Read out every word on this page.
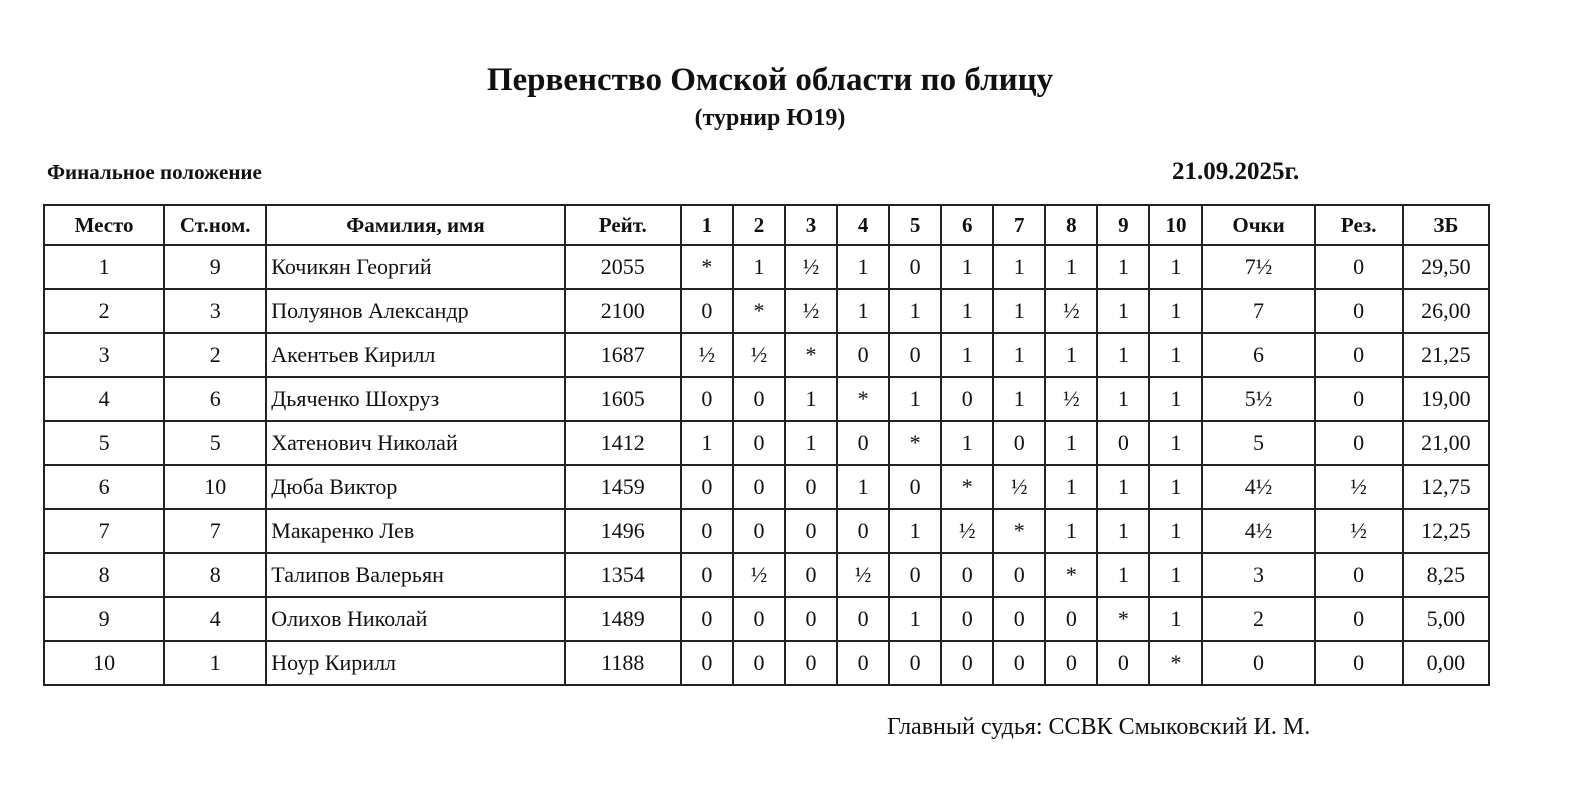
Первенство Омской области по блицу
(турнир Ю19)
Финальное положение	21.09.2025г.
Место	Ст.ном.	Фамилия, имя	Рейт.	1	2	3	4	5	6	7	8	9	10	Очки	Рез.	ЗБ
1	9	Кочикян Георгий	2055	*	1	½	1	0	1	1	1	1	1	7½	0	29,50
2	3	Полуянов Александр	2100	0	*	½	1	1	1	1	½	1	1	7	0	26,00
3	2	Акентьев Кирилл	1687	½	½	*	0	0	1	1	1	1	1	6	0	21,25
4	6	Дьяченко Шохруз	1605	0	0	1	*	1	0	1	½	1	1	5½	0	19,00
5	5	Хатенович Николай	1412	1	0	1	0	*	1	0	1	0	1	5	0	21,00
6	10	Дюба Виктор	1459	0	0	0	1	0	*	½	1	1	1	4½	½	12,75
7	7	Макаренко Лев	1496	0	0	0	0	1	½	*	1	1	1	4½	½	12,25
8	8	Талипов Валерьян	1354	0	½	0	½	0	0	0	*	1	1	3	0	8,25
9	4	Олихов Николай	1489	0	0	0	0	1	0	0	0	*	1	2	0	5,00
10	1	Ноур Кирилл	1188	0	0	0	0	0	0	0	0	0	*	0	0	0,00
Главный судья: ССВК Смыковский И. М.
